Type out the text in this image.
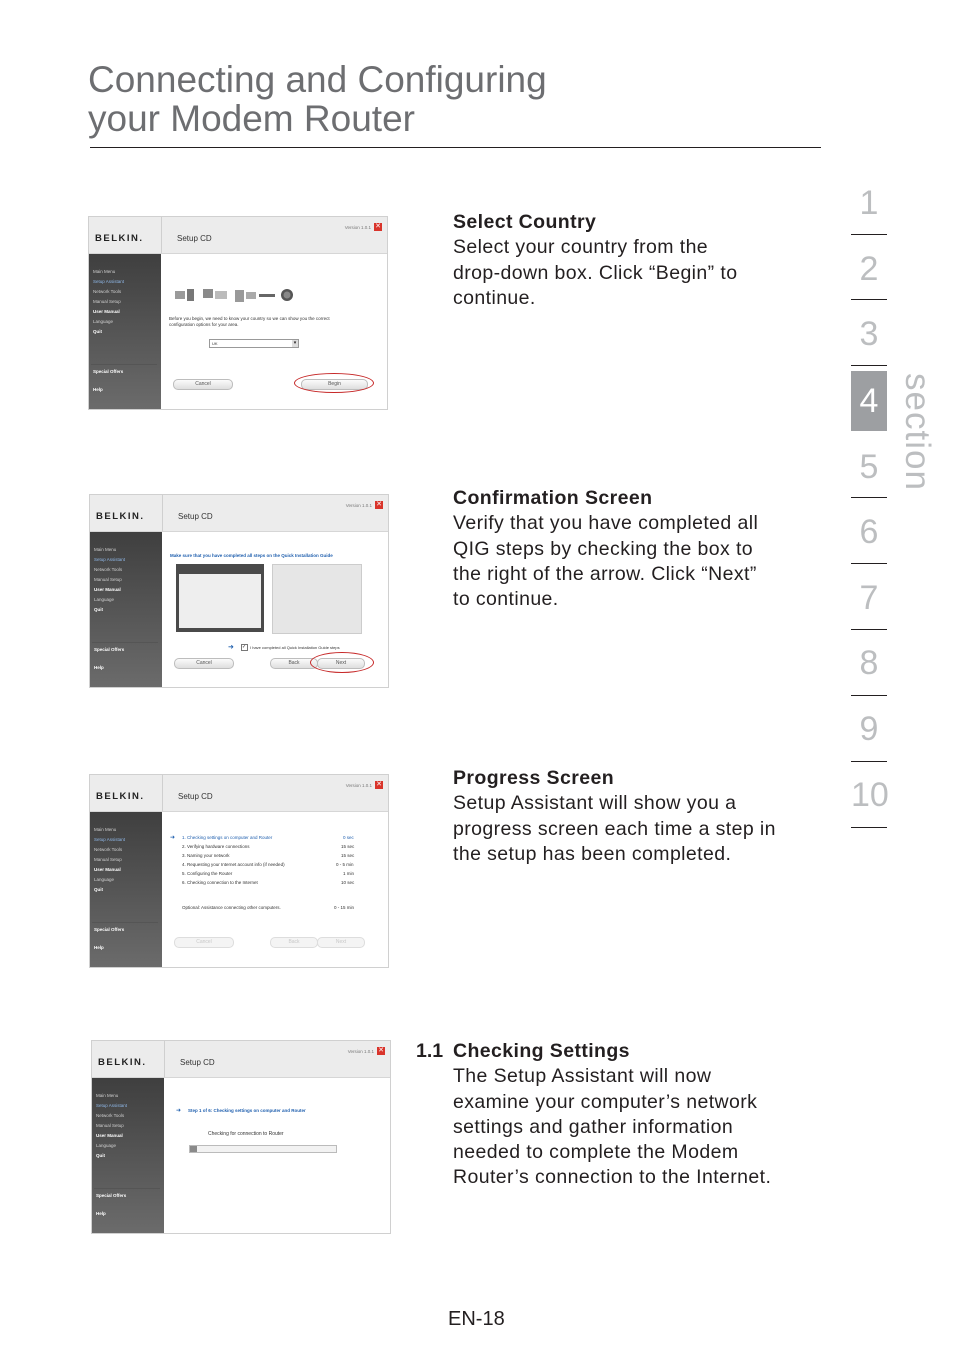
Connecting and Configuring
your Modem Router
1
2
3
4
5
6
7
8
9
10
section
Select Country
Select your country from the
drop-down box. Click “Begin” to
continue.
Confirmation Screen
Verify that you have completed all
QIG steps by checking the box to
the right of the arrow. Click “Next”
to continue.
Progress Screen
Setup Assistant will show you a
progress screen each time a step in
the setup has been completed.
1.1 Checking Settings
The Setup Assistant will now
examine your computer’s network
settings and gather information
needed to complete the Modem
Router’s connection to the Internet.
BELKIN.	Setup CD
Version 1.0.1 ✕
Main Menu
Setup Assistant
Network Tools
Manual Setup
User Manual
Language
Quit
Special Offers
Help
Before you begin, we need to know your country so we can show you the correct
configuration options for your area.
UK	▾
Cancel	Begin
BELKIN.	Setup CD
Version 1.0.1 ✕
Main Menu
Setup Assistant
Network Tools
Manual Setup
User Manual
Language
Quit
Special Offers
Help
Make sure that you have completed all steps on the Quick Installation Guide
➜ ✓ I have completed all Quick Installation Guide steps
Cancel	Back	Next
BELKIN.	Setup CD
Version 1.0.1 ✕
Main Menu
Setup Assistant
Network Tools
Manual Setup
User Manual
Language
Quit
Special Offers
Help
➜ 1. Checking settings on computer and Router	0 sec
2. Verifying hardware connections	15 sec
3. Naming your network	15 sec
4. Requesting your Internet account info (if needed)	0 - 5 min
5. Configuring the Router	1 min
6. Checking connection to the Internet	10 sec
Optional: Assistance connecting other computers.	0 - 15 min
Cancel	Back	Next
BELKIN.	Setup CD
Version 1.0.1 ✕
Main Menu
Setup Assistant
Network Tools
Manual Setup
User Manual
Language
Quit
Special Offers
Help
➜ Step 1 of 6: Checking settings on computer and Router
Checking for connection to Router
EN-18
